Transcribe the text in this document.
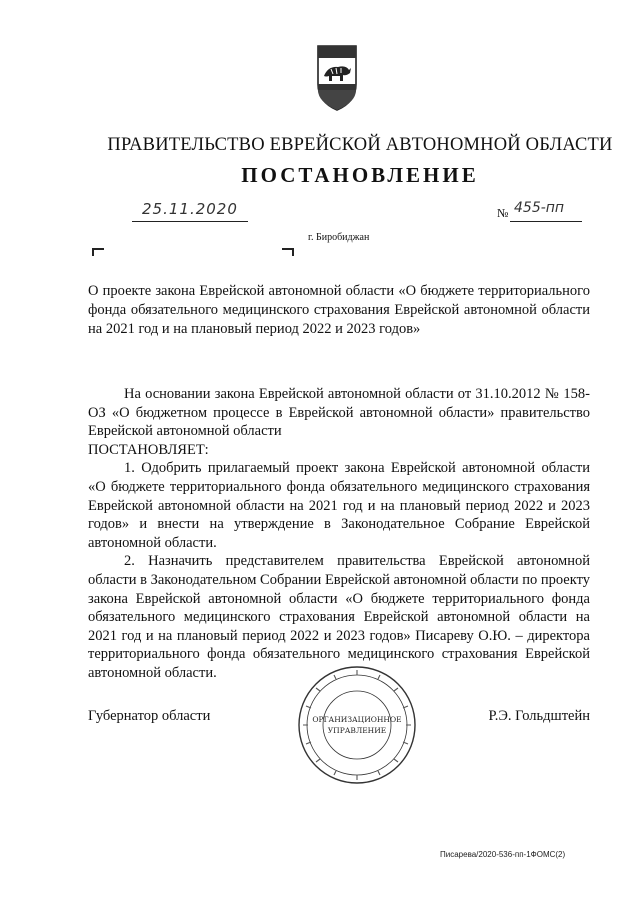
ПРАВИТЕЛЬСТВО ЕВРЕЙСКОЙ АВТОНОМНОЙ ОБЛАСТИ
ПОСТАНОВЛЕНИЕ
25.11.2020	№ 455-пп
г. Биробиджан
О проекте закона Еврейской автономной области «О бюджете территориального фонда обязательного медицинского страхования Еврейской автономной области на 2021 год и на плановый период 2022 и 2023 годов»

На основании закона Еврейской автономной области от 31.10.2012 № 158-ОЗ «О бюджетном процессе в Еврейской автономной области» правительство Еврейской автономной области

ПОСТАНОВЛЯЕТ:

1. Одобрить прилагаемый проект закона Еврейской автономной области «О бюджете территориального фонда обязательного медицинского страхования Еврейской автономной области на 2021 год и на плановый период 2022 и 2023 годов» и внести на утверждение в Законодательное Собрание Еврейской автономной области.

2. Назначить представителем правительства Еврейской автономной области в Законодательном Собрании Еврейской автономной области по проекту закона Еврейской автономной области «О бюджете территориального фонда обязательного медицинского страхования Еврейской автономной области на 2021 год и на плановый период 2022 и 2023 годов» Писареву О.Ю. – директора территориального фонда обязательного медицинского страхования Еврейской автономной области.

Губернатор области	Р.Э. Гольдштейн
ОРГАНИЗАЦИОННОЕ
УПРАВЛЕНИЕ
Писарева/2020-536-пп-1ФОМС(2)
